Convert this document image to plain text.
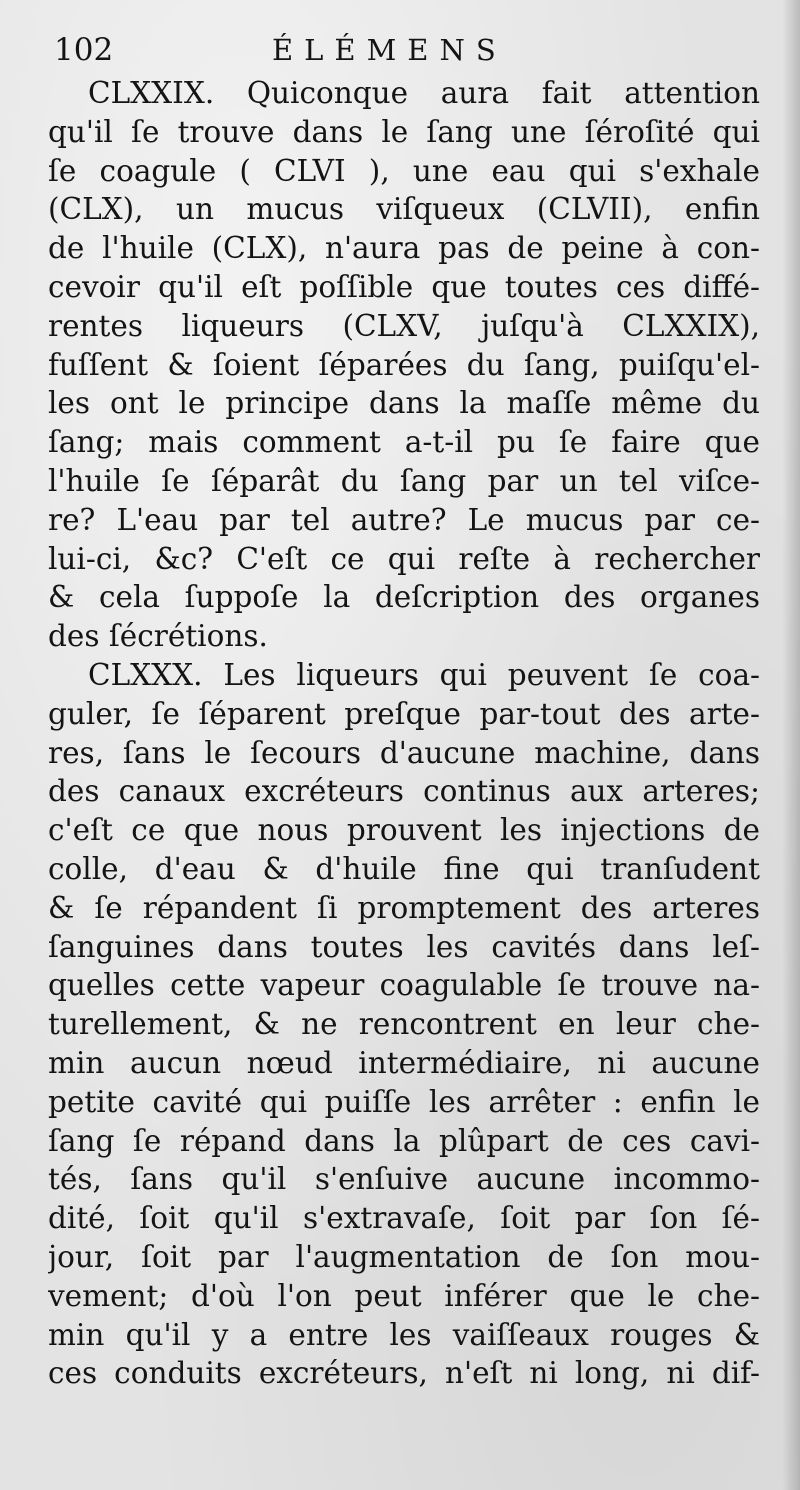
102	ÉLÉMENS
CLXXIX. Quiconque aura fait attention
qu'il ſe trouve dans le ſang une ſéroſité qui
ſe coagule ( CLVI ), une eau qui s'exhale
(CLX), un mucus viſqueux (CLVII), enfin
de l'huile (CLX), n'aura pas de peine à con-
cevoir qu'il eſt poſſible que toutes ces diffé-
rentes liqueurs (CLXV, juſqu'à CLXXIX),
fuſſent & ſoient ſéparées du ſang, puiſqu'el-
les ont le principe dans la maſſe même du
ſang; mais comment a-t-il pu ſe faire que
l'huile ſe ſéparât du ſang par un tel viſce-
re? L'eau par tel autre? Le mucus par ce-
lui-ci, &c? C'eſt ce qui reſte à rechercher
& cela ſuppoſe la deſcription des organes
des ſécrétions.
CLXXX. Les liqueurs qui peuvent ſe coa-
guler, ſe ſéparent preſque par-tout des arte-
res, ſans le ſecours d'aucune machine, dans
des canaux excréteurs continus aux arteres;
c'eſt ce que nous prouvent les injections de
colle, d'eau & d'huile fine qui tranſudent
& ſe répandent ſi promptement des arteres
ſanguines dans toutes les cavités dans leſ-
quelles cette vapeur coagulable ſe trouve na-
turellement, & ne rencontrent en leur che-
min aucun nœud intermédiaire, ni aucune
petite cavité qui puiſſe les arrêter : enfin le
ſang ſe répand dans la plûpart de ces cavi-
tés, ſans qu'il s'enſuive aucune incommo-
dité, ſoit qu'il s'extravaſe, ſoit par ſon ſé-
jour, ſoit par l'augmentation de ſon mou-
vement; d'où l'on peut inférer que le che-
min qu'il y a entre les vaiſſeaux rouges &
ces conduits excréteurs, n'eſt ni long, ni dif-
